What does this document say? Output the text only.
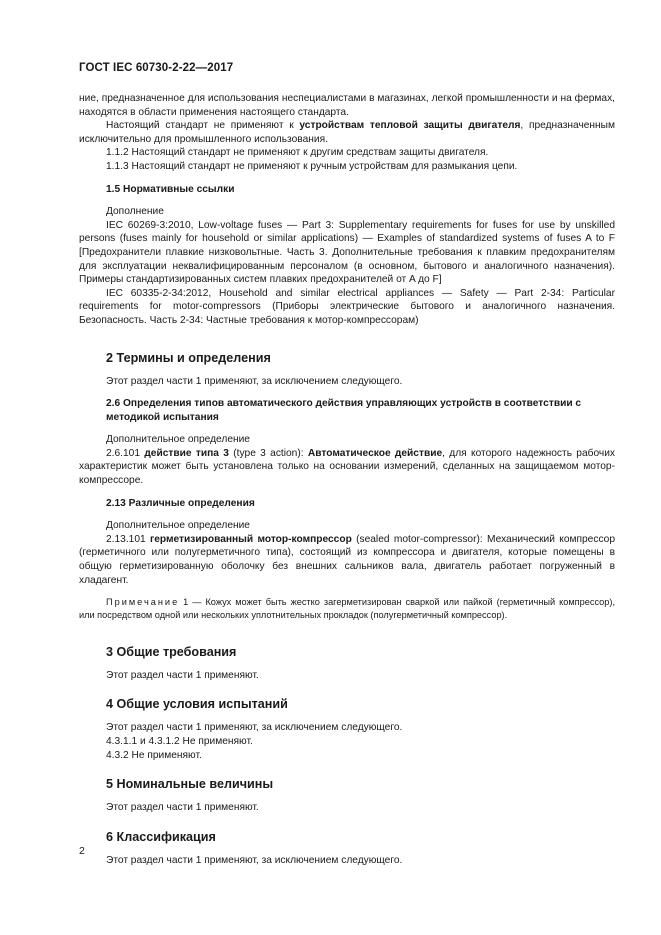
ГОСТ IEC 60730-2-22—2017

ние, предназначенное для использования неспециалистами в магазинах, легкой промышленности и на фермах, находятся в области применения настоящего стандарта.

Настоящий стандарт не применяют к устройствам тепловой защиты двигателя, предназначенным исключительно для промышленного использования.

1.1.2 Настоящий стандарт не применяют к другим средствам защиты двигателя.

1.1.3 Настоящий стандарт не применяют к ручным устройствам для размыкания цепи.

1.5 Нормативные ссылки

Дополнение

IEC 60269-3:2010, Low-voltage fuses — Part 3: Supplementary requirements for fuses for use by unskilled persons (fuses mainly for household or similar applications) — Examples of standardized systems of fuses A to F [Предохранители плавкие низковольтные. Часть 3. Дополнительные требования к плавким предохранителям для эксплуатации неквалифицированным персоналом (в основном, бытового и аналогичного назначения). Примеры стандартизированных систем плавких предохранителей от A до F]

IEC 60335-2-34:2012, Household and similar electrical appliances — Safety — Part 2-34: Particular requirements for motor-compressors (Приборы электрические бытового и аналогичного назначения. Безопасность. Часть 2-34: Частные требования к мотор-компрессорам)

2 Термины и определения

Этот раздел части 1 применяют, за исключением следующего.

2.6 Определения типов автоматического действия управляющих устройств в соответствии с методикой испытания

Дополнительное определение

2.6.101 действие типа 3 (type 3 action): Автоматическое действие, для которого надежность рабочих характеристик может быть установлена только на основании измерений, сделанных на защищаемом мотор-компрессоре.

2.13 Различные определения

Дополнительное определение

2.13.101 герметизированный мотор-компрессор (sealed motor-compressor): Механический компрессор (герметичного или полугерметичного типа), состоящий из компрессора и двигателя, которые помещены в общую герметизированную оболочку без внешних сальников вала, двигатель работает погруженный в хладагент.

Примечание 1 — Кожух может быть жестко загерметизирован сваркой или пайкой (герметичный компрессор), или посредством одной или нескольких уплотнительных прокладок (полугерметичный компрессор).

3 Общие требования

Этот раздел части 1 применяют.

4 Общие условия испытаний

Этот раздел части 1 применяют, за исключением следующего.

4.3.1.1 и 4.3.1.2 Не применяют.

4.3.2 Не применяют.

5 Номинальные величины

Этот раздел части 1 применяют.

6 Классификация

Этот раздел части 1 применяют, за исключением следующего.

2
